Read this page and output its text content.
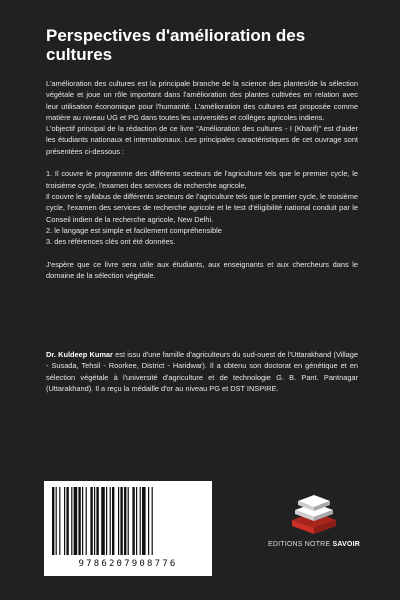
Perspectives d'amélioration des cultures

L'amélioration des cultures est la principale branche de la science des plantes/de la sélection végétale et joue un rôle important dans l'amélioration des plantes cultivées en relation avec leur utilisation économique pour l'humanité. L'amélioration des cultures est proposée comme matière au niveau UG et PG dans toutes les universités et collèges agricoles indiens.

L'objectif principal de la rédaction de ce livre "Amélioration des cultures - I (Kharif)" est d'aider les étudiants nationaux et internationaux. Les principales caractéristiques de cet ouvrage sont présentées ci-dessous :

1. Il couvre le programme des différents secteurs de l'agriculture tels que le premier cycle, le troisième cycle, l'examen des services de recherche agricole,

Il couvre le syllabus de différents secteurs de l'agriculture tels que le premier cycle, le troisième cycle, l'examen des services de recherche agricole et le test d'éligibilité national conduit par le Conseil indien de la recherche agricole, New Delhi.

2. le langage est simple et facilement compréhensible

3. des références clés ont été données.

J'espère que ce livre sera utile aux étudiants, aux enseignants et aux chercheurs dans le domaine de la sélection végétale.

Dr. Kuldeep Kumar est issu d'une famille d'agriculteurs du sud-ouest de l'Uttarakhand (Village - Susada, Tehsil - Roorkee, District - Haridwar). Il a obtenu son doctorat en génétique et en sélection végétale à l'université d'agriculture et de technologie G. B. Pant. Pantnagar (Uttarakhand). Il a reçu la médaille d'or au niveau PG et DST INSPIRE.

9786207908776
EDITIONS NOTRE SAVOIR
